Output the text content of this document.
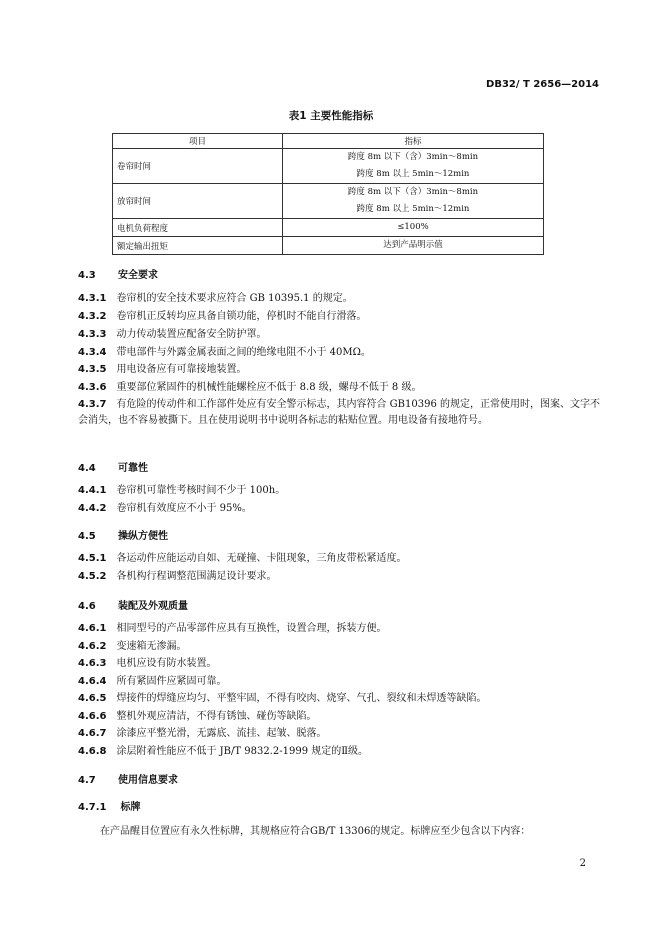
DB32/ T 2656—2014
表1 主要性能指标
项目	指标
卷帘时间	跨度 8m 以下（含）3min～8min
跨度 8m 以上 5min～12min

放帘时间	跨度 8m 以下（含）3min～8min
跨度 8m 以上 5min～12min

电机负荷程度	≤100%
额定输出扭矩	达到产品明示值
4.3 安全要求
4.3.1 卷帘机的安全技术要求应符合 GB 10395.1 的规定。
4.3.2 卷帘机正反转均应具备自锁功能，停机时不能自行滑落。
4.3.3 动力传动装置应配备安全防护罩。
4.3.4 带电部件与外露金属表面之间的绝缘电阻不小于 40MΩ。
4.3.5 用电设备应有可靠接地装置。
4.3.6 重要部位紧固件的机械性能螺栓应不低于 8.8 级，螺母不低于 8 级。
4.3.7 有危险的传动件和工作部件处应有安全警示标志，其内容符合 GB10396 的规定，正常使用时，图案、文字不会消失，也不容易被撕下。且在使用说明书中说明各标志的粘贴位置。用电设备有接地符号。
4.4 可靠性
4.4.1 卷帘机可靠性考核时间不少于 100h。
4.4.2 卷帘机有效度应不小于 95%。
4.5 操纵方便性
4.5.1 各运动件应能运动自如、无碰撞、卡阻现象，三角皮带松紧适度。
4.5.2 各机构行程调整范围满足设计要求。
4.6 装配及外观质量
4.6.1 相同型号的产品零部件应具有互换性，设置合理，拆装方便。
4.6.2 变速箱无渗漏。
4.6.3 电机应设有防水装置。
4.6.4 所有紧固件应紧固可靠。
4.6.5 焊接件的焊缝应均匀、平整牢固，不得有咬肉、烧穿、气孔、裂纹和未焊透等缺陷。
4.6.6 整机外观应清洁，不得有锈蚀、碰伤等缺陷。
4.6.7 涂漆应平整光滑，无露底、流挂、起皱、脱落。
4.6.8 涂层附着性能应不低于 JB/T 9832.2-1999 规定的Ⅱ级。
4.7 使用信息要求
4.7.1 标牌
在产品醒目位置应有永久性标牌，其规格应符合GB/T 13306的规定。标牌应至少包含以下内容：
2
